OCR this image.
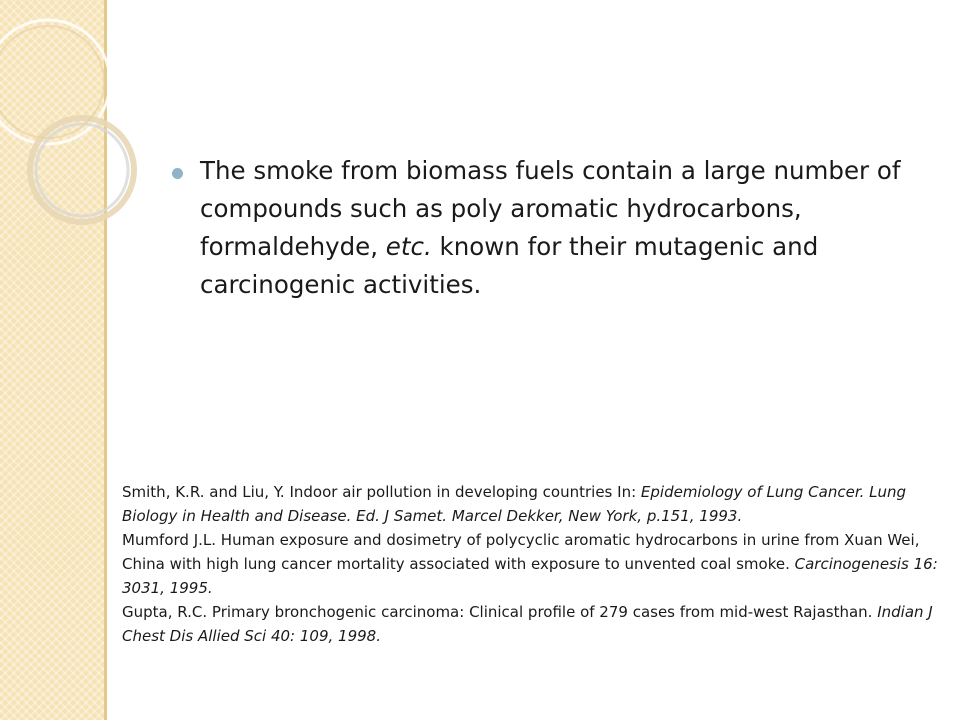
The smoke from biomass fuels contain a large number of compounds such as poly aromatic hydrocarbons, formaldehyde, etc. known for their mutagenic and carcinogenic activities.

Smith, K.R. and Liu, Y. Indoor air pollution in developing countries In: Epidemiology of Lung Cancer. Lung Biology in Health and Disease. Ed. J Samet. Marcel Dekker, New York, p.151, 1993.

Mumford J.L. Human exposure and dosimetry of polycyclic aromatic hydrocarbons in urine from Xuan Wei, China with high lung cancer mortality associated with exposure to unvented coal smoke. Carcinogenesis 16: 3031, 1995.

Gupta, R.C. Primary bronchogenic carcinoma: Clinical profile of 279 cases from mid-west Rajasthan. Indian J Chest Dis Allied Sci 40: 109, 1998.
